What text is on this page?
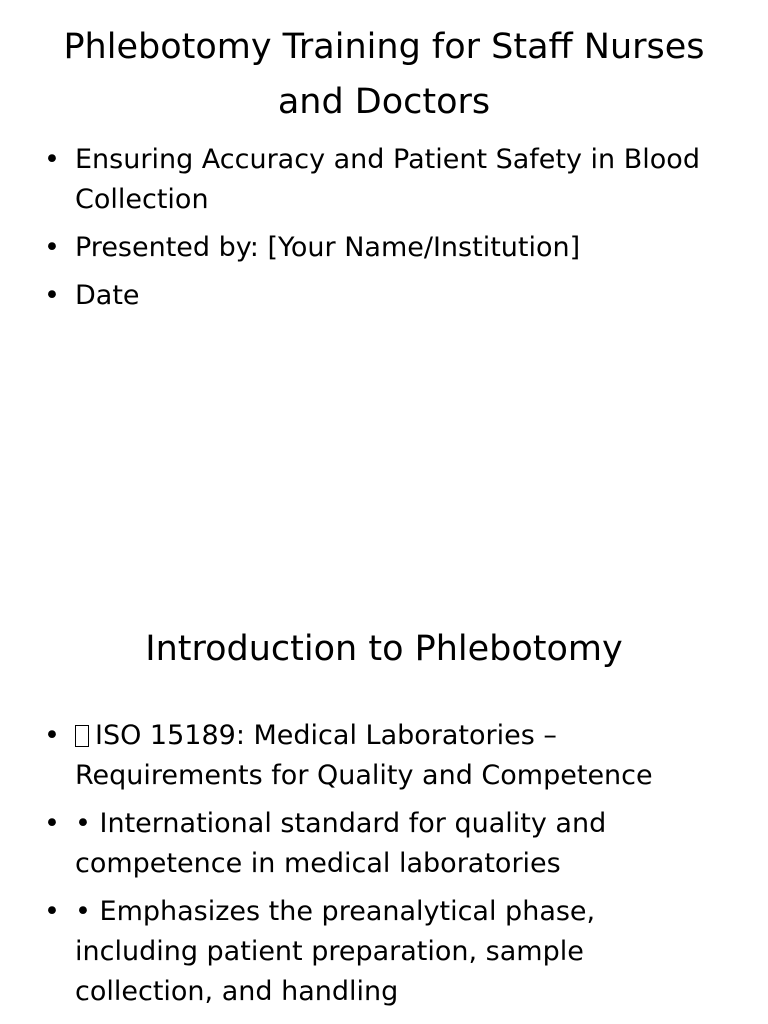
Phlebotomy Training for Staff Nurses and Doctors
• Ensuring Accuracy and Patient Safety in Blood Collection
• Presented by: [Your Name/Institution]
• Date
Introduction to Phlebotomy
• ISO 15189: Medical Laboratories – Requirements for Quality and Competence
• • International standard for quality and competence in medical laboratories
• • Emphasizes the preanalytical phase, including patient preparation, sample collection, and handling
